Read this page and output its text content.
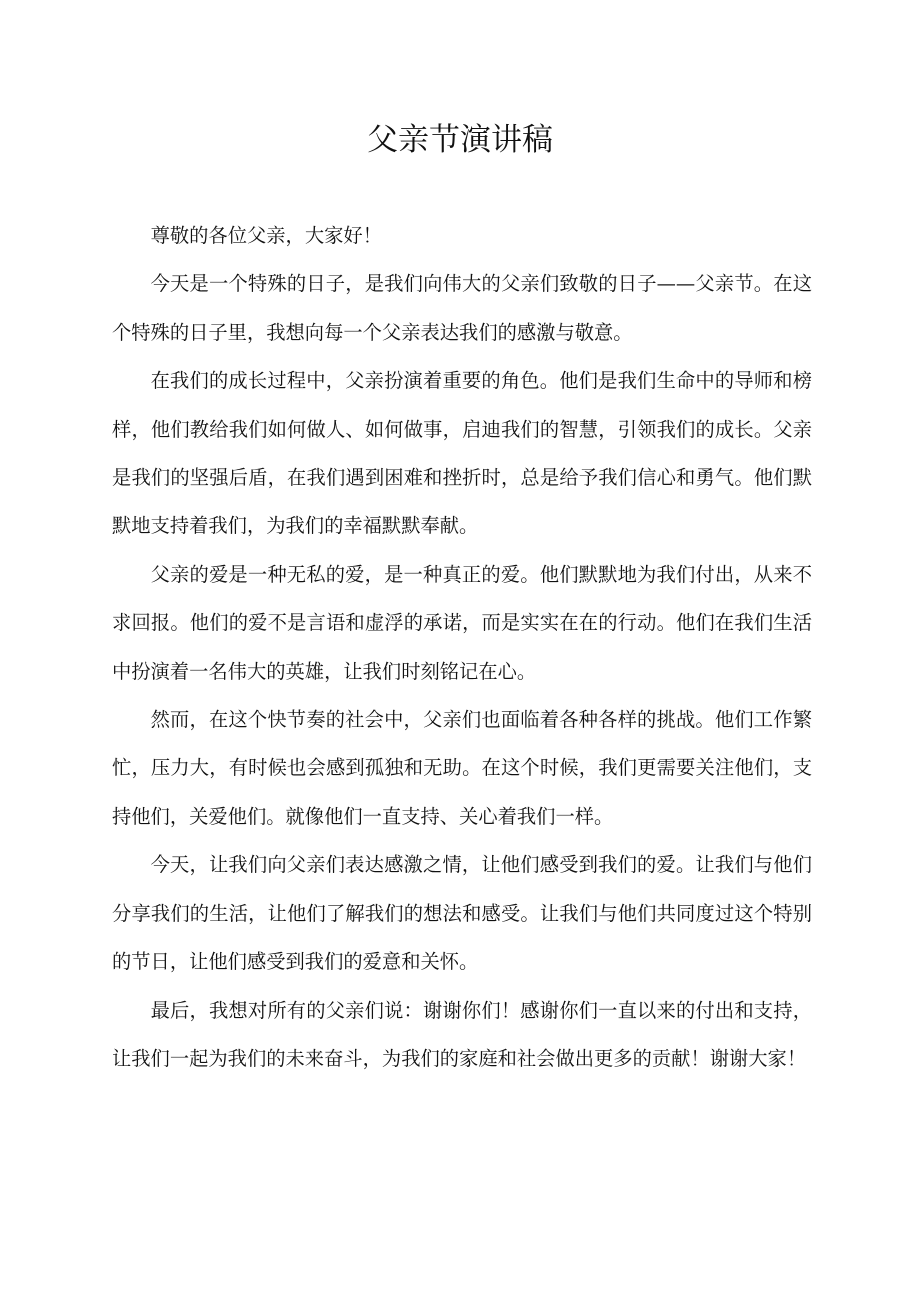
父亲节演讲稿

尊敬的各位父亲，大家好！

今天是一个特殊的日子，是我们向伟大的父亲们致敬的日子——父亲节。在这个特殊的日子里，我想向每一个父亲表达我们的感激与敬意。

在我们的成长过程中，父亲扮演着重要的角色。他们是我们生命中的导师和榜样，他们教给我们如何做人、如何做事，启迪我们的智慧，引领我们的成长。父亲是我们的坚强后盾，在我们遇到困难和挫折时，总是给予我们信心和勇气。他们默默地支持着我们，为我们的幸福默默奉献。

父亲的爱是一种无私的爱，是一种真正的爱。他们默默地为我们付出，从来不求回报。他们的爱不是言语和虚浮的承诺，而是实实在在的行动。他们在我们生活中扮演着一名伟大的英雄，让我们时刻铭记在心。

然而，在这个快节奏的社会中，父亲们也面临着各种各样的挑战。他们工作繁忙，压力大，有时候也会感到孤独和无助。在这个时候，我们更需要关注他们，支持他们，关爱他们。就像他们一直支持、关心着我们一样。

今天，让我们向父亲们表达感激之情，让他们感受到我们的爱。让我们与他们分享我们的生活，让他们了解我们的想法和感受。让我们与他们共同度过这个特别的节日，让他们感受到我们的爱意和关怀。

最后，我想对所有的父亲们说：谢谢你们！感谢你们一直以来的付出和支持，让我们一起为我们的未来奋斗，为我们的家庭和社会做出更多的贡献！谢谢大家！
